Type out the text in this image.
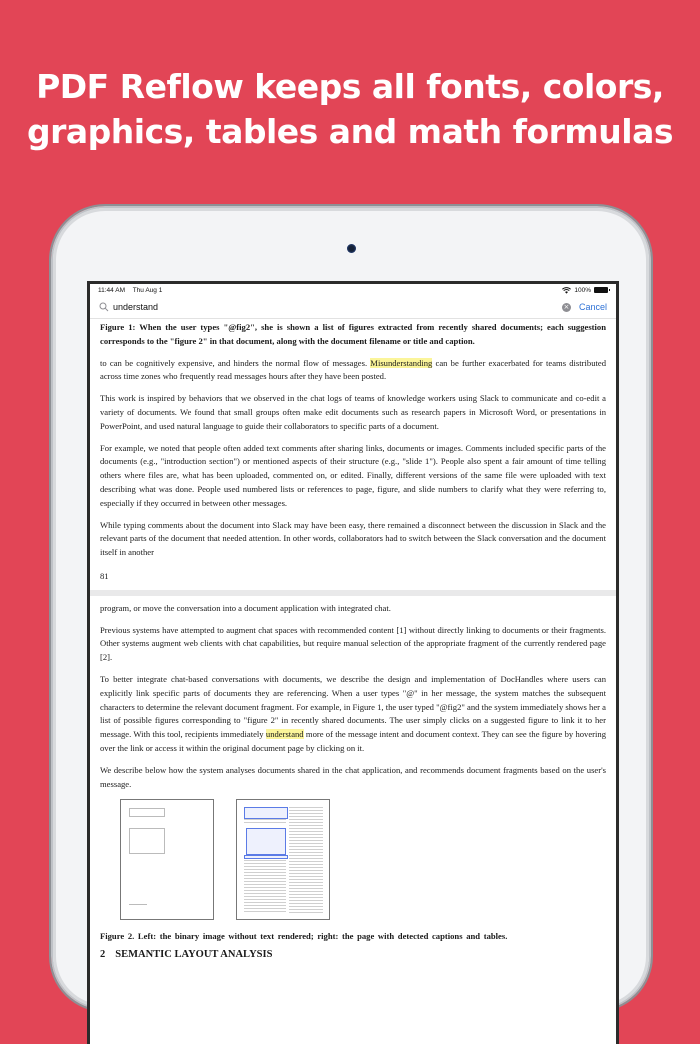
PDF Reflow keeps all fonts, colors,
graphics, tables and math formulas
11:44 AM Thu Aug 1	100%
understand	× Cancel

Figure 1: When the user types "@fig2", she is shown a list of figures extracted from recently shared documents; each suggestion corresponds to the "figure 2" in that document, along with the document filename or title and caption.

to can be cognitively expensive, and hinders the normal flow of messages. Misunderstanding can be further exacerbated for teams distributed across time zones who frequently read messages hours after they have been posted.

This work is inspired by behaviors that we observed in the chat logs of teams of knowledge workers using Slack to communicate and co-edit a variety of documents. We found that small groups often make edit documents such as research papers in Microsoft Word, or presentations in PowerPoint, and used natural language to guide their collaborators to specific parts of a document.

For example, we noted that people often added text comments after sharing links, documents or images. Comments included specific parts of the documents (e.g., "introduction section") or mentioned aspects of their structure (e.g., "slide 1"). People also spent a fair amount of time telling others where files are, what has been uploaded, commented on, or edited. Finally, different versions of the same file were uploaded with text describing what was done. People used numbered lists or references to page, figure, and slide numbers to clarify what they were referring to, especially if they occurred in between other messages.

While typing comments about the document into Slack may have been easy, there remained a disconnect between the discussion in Slack and the relevant parts of the document that needed attention. In other words, collaborators had to switch between the Slack conversation and the document itself in another

81

program, or move the conversation into a document application with integrated chat.

Previous systems have attempted to augment chat spaces with recommended content [1] without directly linking to documents or their fragments. Other systems augment web clients with chat capabilities, but require manual selection of the appropriate fragment of the currently rendered page [2].

To better integrate chat-based conversations with documents, we describe the design and implementation of DocHandles where users can explicitly link specific parts of documents they are referencing. When a user types "@" in her message, the system matches the subsequent characters to determine the relevant document fragment. For example, in Figure 1, the user typed "@fig2" and the system immediately shows her a list of possible figures corresponding to "figure 2" in recently shared documents. The user simply clicks on a suggested figure to link it to her message. With this tool, recipients immediately understand more of the message intent and document context. They can see the figure by hovering over the link or access it within the original document page by clicking on it.

We describe below how the system analyses documents shared in the chat application, and recommends document fragments based on the user's message.

Figure 2. Left: the binary image without text rendered; right: the page with detected captions and tables.

2 SEMANTIC LAYOUT ANALYSIS
